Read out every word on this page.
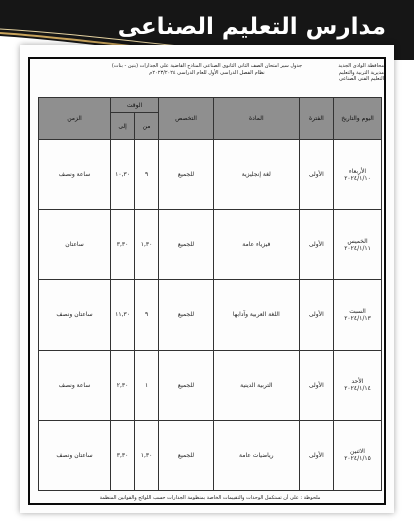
مدارس التعليم الصناعى
محافظة الوادى الجديد
مديرية التربية والتعليم
التعليم الفنى الصناعى
جدول سير امتحان الصف الثانى الثانوى الصناعى المنادح القاضية على الجدارات (بنين - بنات)
نظام الفصل الدراسى الأول للعام الدراسى ٢٠٢٣/٢٠٢٤م
اليوم والتاريخ	الفترة	المادة	التخصص	الوقت		الزمن
				من	إلى	

الأربعاء
٢٠٢٤/١/١٠	الأولى	لغة إنجليزية	للجميع	٩	١٠,٣٠	ساعة ونصف

الخميس
٢٠٢٤/١/١١	الأولى	فيزياء عامة	للجميع	١,٣٠	٣,٣٠	ساعتان

السبت
٢٠٢٤/١/١٣	الأولى	اللغة العربية وآدابها	للجميع	٩	١١,٣٠	ساعتان ونصف

الأحد
٢٠٢٤/١/١٤	الأولى	التربية الدينية	للجميع	١	٢,٣٠	ساعة ونصف

الاثنين
٢٠٢٤/١/١٥	الأولى	رياضيات عامة	للجميع	١,٣٠	٣,٣٠	ساعتان ونصف
ملحوظة : على أن تستكمل الوحدات والتقييمات الخاصة بمنظومة الجدارات حسب اللوائح والقوانين المنظمة
